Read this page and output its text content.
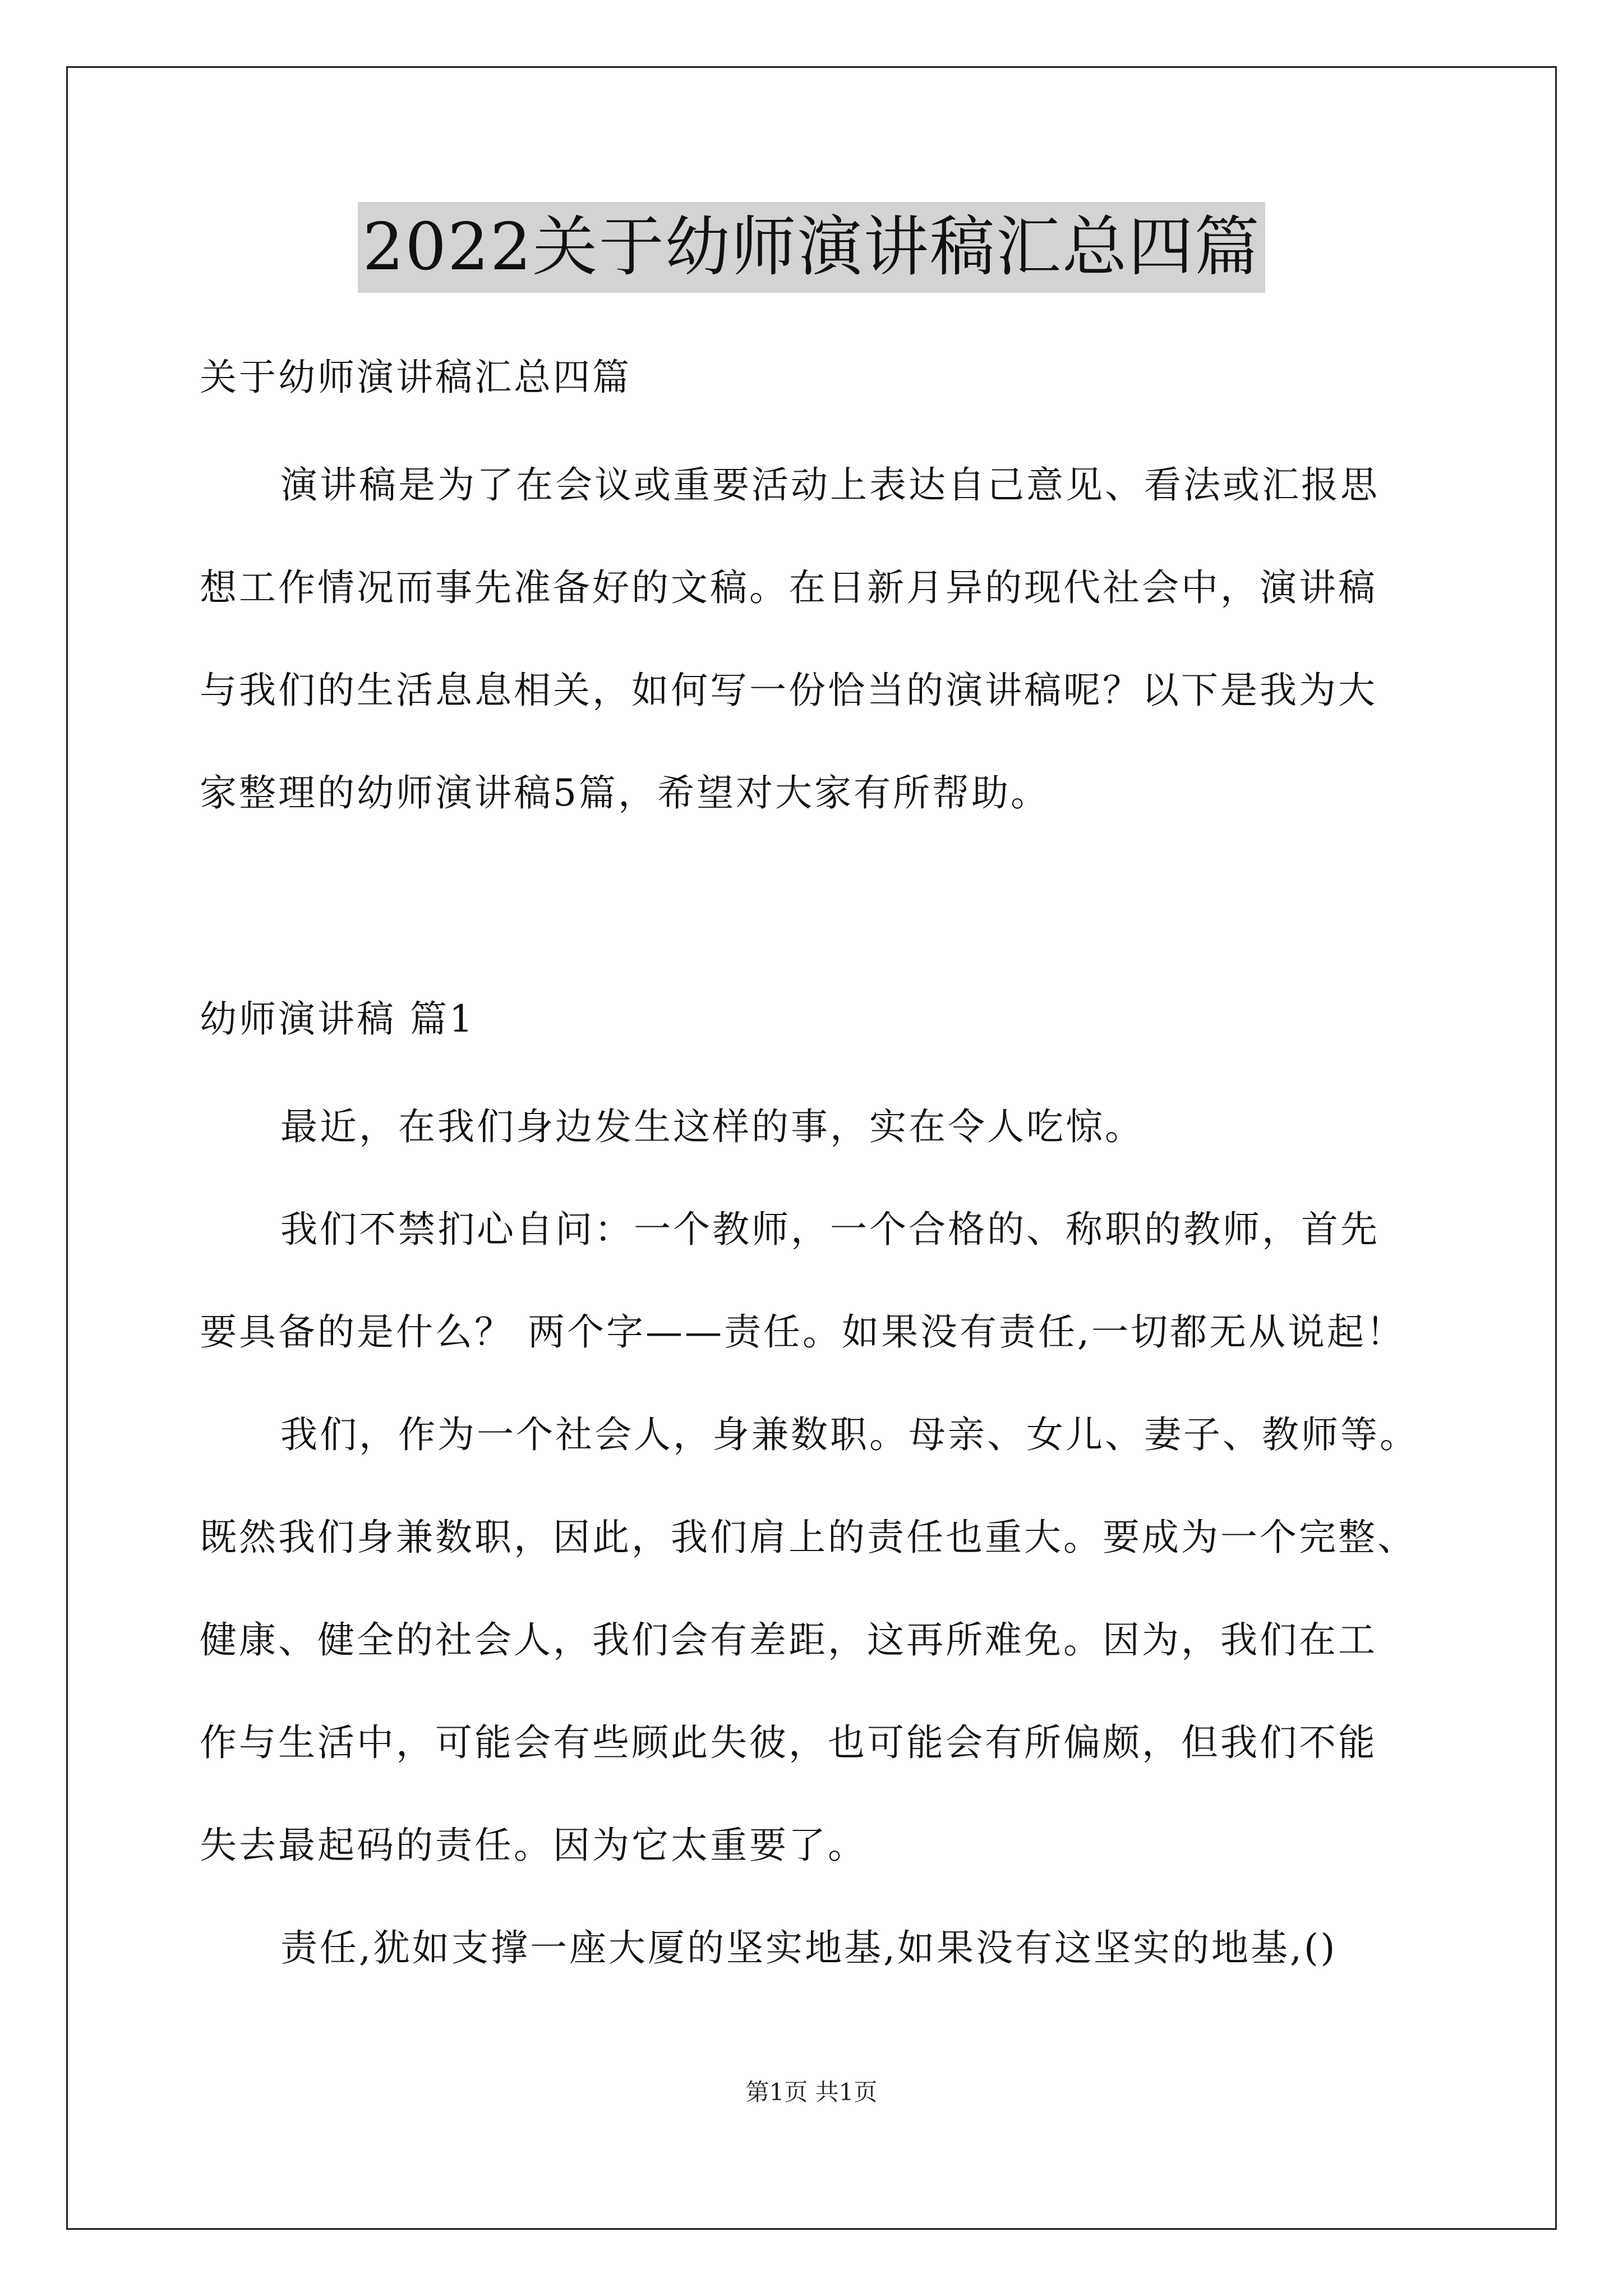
2022关于幼师演讲稿汇总四篇
关于幼师演讲稿汇总四篇
演讲稿是为了在会议或重要活动上表达自己意见、看法或汇报思
想工作情况而事先准备好的文稿。在日新月异的现代社会中，演讲稿
与我们的生活息息相关，如何写一份恰当的演讲稿呢？以下是我为大
家整理的幼师演讲稿5篇，希望对大家有所帮助。
幼师演讲稿 篇1
最近，在我们身边发生这样的事，实在令人吃惊。
我们不禁扪心自问：一个教师，一个合格的、称职的教师，首先
要具备的是什么？ 两个字——责任。如果没有责任,一切都无从说起！
我们，作为一个社会人，身兼数职。母亲、女儿、妻子、教师等。
既然我们身兼数职，因此，我们肩上的责任也重大。要成为一个完整、
健康、健全的社会人，我们会有差距，这再所难免。因为，我们在工
作与生活中，可能会有些顾此失彼，也可能会有所偏颇，但我们不能
失去最起码的责任。因为它太重要了。
责任,犹如支撑一座大厦的坚实地基,如果没有这坚实的地基,()
第1页 共1页
